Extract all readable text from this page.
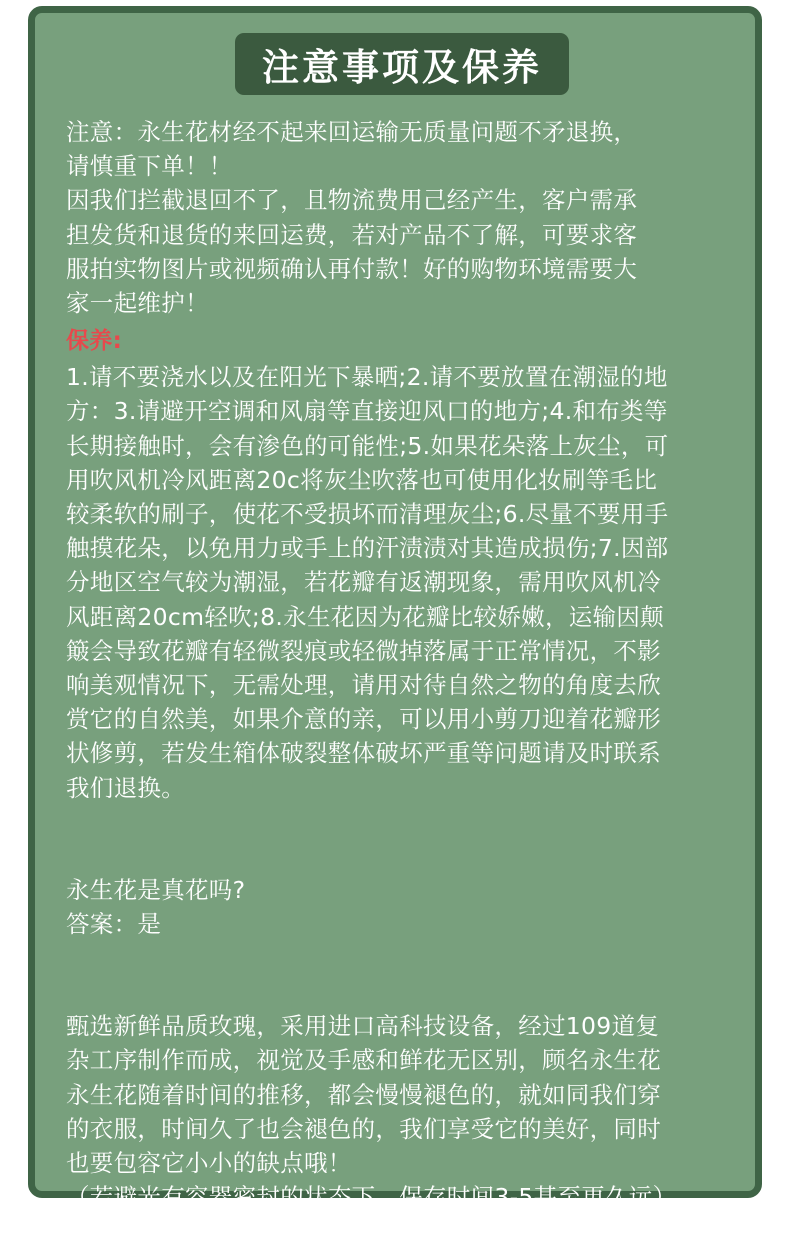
注意事项及保养

注意：永生花材经不起来回运输无质量问题不矛退换，
请慎重下单！！
因我们拦截退回不了，且物流费用己经产生，客户需承
担发货和退货的来回运费，若对产品不了解，可要求客
服拍实物图片或视频确认再付款！好的购物环境需要大
家一起维护！

保养:

1.请不要浇水以及在阳光下暴晒;2.请不要放置在潮湿的地
方：3.请避开空调和风扇等直接迎风口的地方;4.和布类等
长期接触时，会有渗色的可能性;5.如果花朵落上灰尘，可
用吹风机冷风距离20c将灰尘吹落也可使用化妆刷等毛比
较柔软的刷子，使花不受损坏而清理灰尘;6.尽量不要用手
触摸花朵，以免用力或手上的汗渍渍对其造成损伤;7.因部
分地区空气较为潮湿，若花瓣有返潮现象，需用吹风机冷
风距离20cm轻吹;8.永生花因为花瓣比较娇嫩，运输因颠
簸会导致花瓣有轻微裂痕或轻微掉落属于正常情况，不影
响美观情况下，无需处理，请用对待自然之物的角度去欣
赏它的自然美，如果介意的亲，可以用小剪刀迎着花瓣形
状修剪，若发生箱体破裂整体破坏严重等问题请及时联系
我们退换。

永生花是真花吗?

答案：是

甄选新鲜品质玫瑰，采用进口高科技设备，经过109道复
杂工序制作而成，视觉及手感和鲜花无区别，顾名永生花
永生花随着时间的推移，都会慢慢褪色的，就如同我们穿
的衣服，时间久了也会褪色的，我们享受它的美好，同时
也要包容它小小的缺点哦！

（若避光有容器密封的状态下，保存时间3-5甚至更久远）
